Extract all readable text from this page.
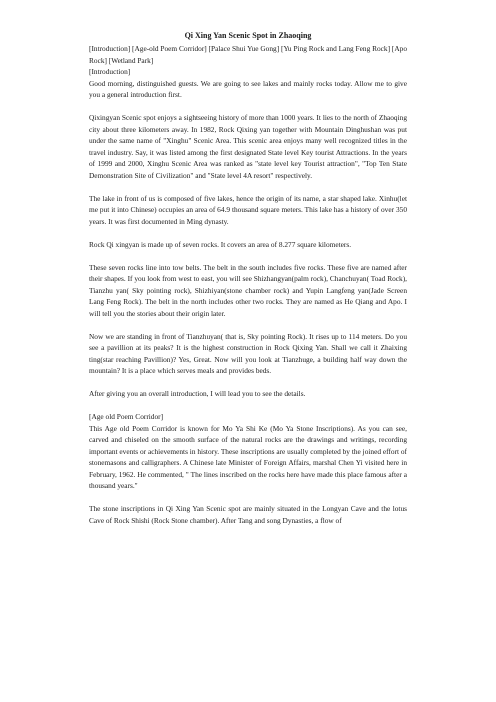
Qi Xing Yan Scenic Spot in Zhaoqing

[Introduction] [Age-old Poem Corridor] [Palace Shui Yue Gong] [Yu Ping Rock and Lang Feng Rock] [Apo Rock] [Wetland Park]

[Introduction]

Good morning, distinguished guests. We are going to see lakes and mainly rocks today. Allow me to give you a general introduction first.

Qixingyan Scenic spot enjoys a sightseeing history of more than 1000 years. It lies to the north of Zhaoqing city about three kilometers away. In 1982, Rock Qixing yan together with Mountain Dinghushan was put under the same name of "Xinghu" Scenic Area. This scenic area enjoys many well recognized titles in the travel industry. Say, it was listed among the first designated State level Key tourist Attractions. In the years of 1999 and 2000, Xinghu Scenic Area was ranked as "state level key Tourist attraction", "Top Ten State Demonstration Site of Civilization" and "State level 4A resort" respectively.

The lake in front of us is composed of five lakes, hence the origin of its name, a star shaped lake. Xinhu(let me put it into Chinese) occupies an area of 64.9 thousand square meters. This lake has a history of over 350 years. It was first documented in Ming dynasty.

Rock Qi xingyan is made up of seven rocks. It covers an area of 8.277 square kilometers.

These seven rocks line into tow belts. The belt in the south includes five rocks. These five are named after their shapes. If you look from west to east, you will see Shizhangyan(palm rock), Chanchuyan( Toad Rock), Tianzhu yan( Sky pointing rock), Shizhiyan(stone chamber rock) and Yupin Langfeng yan(Jade Screen Lang Feng Rock). The belt in the north includes other two rocks. They are named as He Qiang and Apo. I will tell you the stories about their origin later.

Now we are standing in front of Tianzhuyan( that is, Sky pointing Rock). It rises up to 114 meters. Do you see a pavillion at its peaks? It is the highest construction in Rock Qixing Yan. Shall we call it Zhaixing ting(star reaching Pavillion)? Yes, Great. Now will you look at Tianzhuge, a building half way down the mountain? It is a place which serves meals and provides beds.

After giving you an overall introduction, I will lead you to see the details.

[Age old Poem Corridor]

This Age old Poem Corridor is known for Mo Ya Shi Ke (Mo Ya Stone Inscriptions). As you can see, carved and chiseled on the smooth surface of the natural rocks are the drawings and writings, recording important events or achievements in history. These inscriptions are usually completed by the joined effort of stonemasons and calligraphers. A Chinese late Minister of Foreign Affairs, marshal Chen Yi visited here in February, 1962. He commented, " The lines inscribed on the rocks here have made this place famous after a thousand years."

The stone inscriptions in Qi Xing Yan Scenic spot are mainly situated in the Longyan Cave and the lotus Cave of Rock Shishi (Rock Stone chamber). After Tang and song Dynasties, a flow of
